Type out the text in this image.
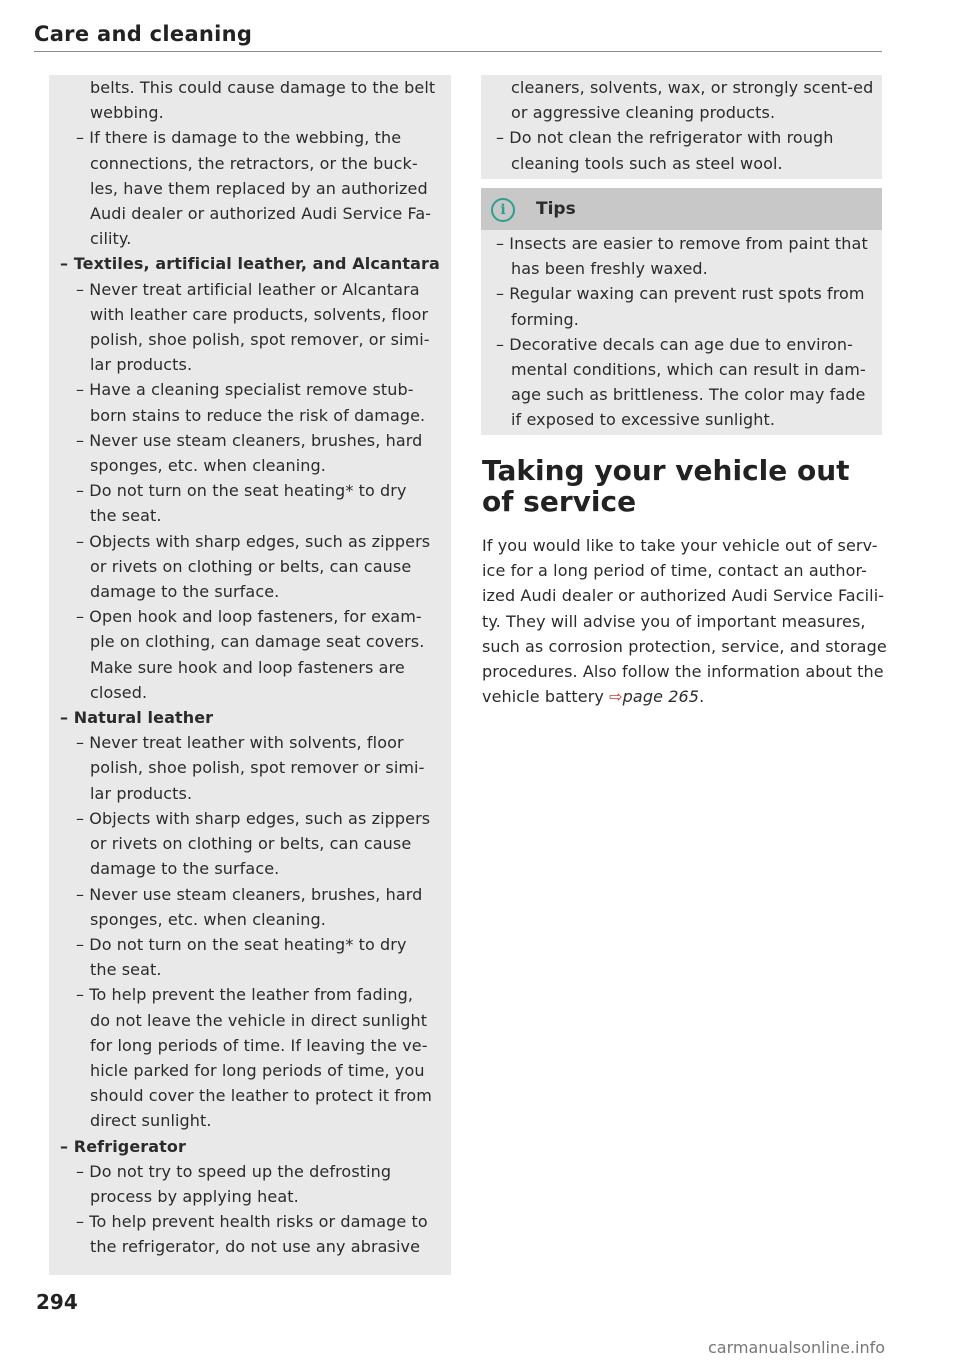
Care and cleaning
i	Tips

belts. This could cause damage to the belt webbing.

– If there is damage to the webbing, the

connections, the retractors, or the buck-les, have them replaced by an authorized Audi dealer or authorized Audi Service Fa-cility.

– Textiles, artificial leather, and Alcantara

– Never treat artificial leather or Alcantara

with leather care products, solvents, floor polish, shoe polish, spot remover, or simi-lar products.

– Have a cleaning specialist remove stub-

born stains to reduce the risk of damage.

– Never use steam cleaners, brushes, hard

sponges, etc. when cleaning.

– Do not turn on the seat heating* to dry

the seat.

– Objects with sharp edges, such as zippers

or rivets on clothing or belts, can cause damage to the surface.

– Open hook and loop fasteners, for exam-

ple on clothing, can damage seat covers. Make sure hook and loop fasteners are closed.

– Natural leather

– Never treat leather with solvents, floor

polish, shoe polish, spot remover or simi-lar products.

– Objects with sharp edges, such as zippers

or rivets on clothing or belts, can cause damage to the surface.

– Never use steam cleaners, brushes, hard

sponges, etc. when cleaning.

– Do not turn on the seat heating* to dry

the seat.

– To help prevent the leather from fading,

do not leave the vehicle in direct sunlight for long periods of time. If leaving the ve-hicle parked for long periods of time, you should cover the leather to protect it from direct sunlight.

– Refrigerator

– Do not try to speed up the defrosting

process by applying heat.

– To help prevent health risks or damage to

the refrigerator, do not use any abrasive

cleaners, solvents, wax, or strongly scent-ed or aggressive cleaning products.

– Do not clean the refrigerator with rough

cleaning tools such as steel wool.

– Insects are easier to remove from paint that

has been freshly waxed.

– Regular waxing can prevent rust spots from

forming.

– Decorative decals can age due to environ-

mental conditions, which can result in dam-age such as brittleness. The color may fade if exposed to excessive sunlight.

Taking your vehicle out of service
If you would like to take your vehicle out of serv-ice for a long period of time, contact an author-ized Audi dealer or authorized Audi Service Facili-ty. They will advise you of important measures, such as corrosion protection, service, and storage procedures. Also follow the information about the vehicle battery ⇨page 265.

294

carmanualsonline.info
